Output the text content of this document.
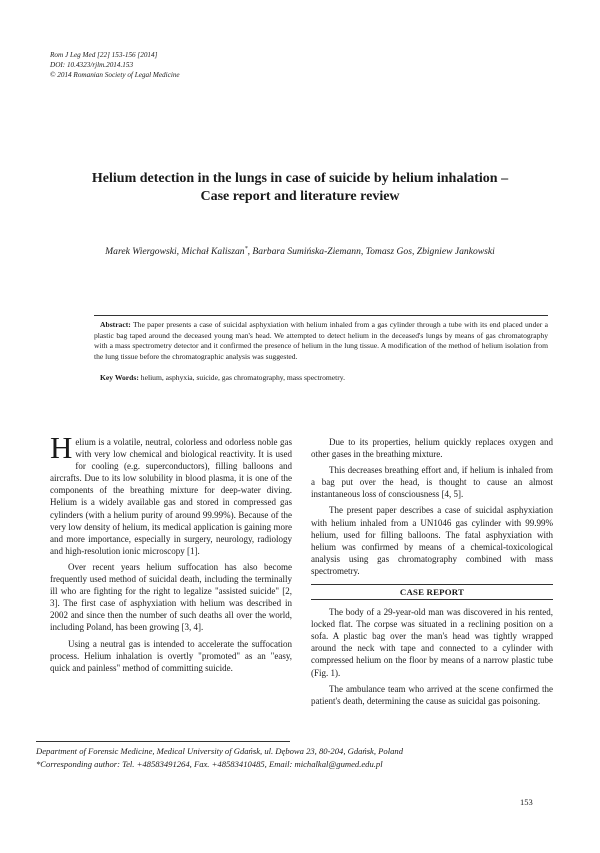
Rom J Leg Med [22] 153-156 [2014]
DOI: 10.4323/rjlm.2014.153
© 2014 Romanian Society of Legal Medicine
Helium detection in the lungs in case of suicide by helium inhalation –
Case report and literature review
Marek Wiergowski, Michał Kaliszan*, Barbara Sumińska-Ziemann, Tomasz Gos, Zbigniew Jankowski
Abstract: The paper presents a case of suicidal asphyxiation with helium inhaled from a gas cylinder through a tube with its end placed under a plastic bag taped around the deceased young man's head. We attempted to detect helium in the deceased's lungs by means of gas chromatography with a mass spectrometry detector and it confirmed the presence of helium in the lung tissue. A modification of the method of helium isolation from the lung tissue before the chromatographic analysis was suggested.
Key Words: helium, asphyxia, suicide, gas chromatography, mass spectrometry.

Helium is a volatile, neutral, colorless and odorless noble gas with very low chemical and biological reactivity. It is used for cooling (e.g. superconductors), filling balloons and aircrafts. Due to its low solubility in blood plasma, it is one of the components of the breathing mixture for deep-water diving. Helium is a widely available gas and stored in compressed gas cylinders (with a helium purity of around 99.99%). Because of the very low density of helium, its medical application is gaining more and more importance, especially in surgery, neurology, radiology and high-resolution ionic microscopy [1].

Over recent years helium suffocation has also become frequently used method of suicidal death, including the terminally ill who are fighting for the right to legalize "assisted suicide" [2, 3]. The first case of asphyxiation with helium was described in 2002 and since then the number of such deaths all over the world, including Poland, has been growing [3, 4].

Using a neutral gas is intended to accelerate the suffocation process. Helium inhalation is overtly "promoted" as an "easy, quick and painless" method of committing suicide.

Due to its properties, helium quickly replaces oxygen and other gases in the breathing mixture.

This decreases breathing effort and, if helium is inhaled from a bag put over the head, is thought to cause an almost instantaneous loss of consciousness [4, 5].

The present paper describes a case of suicidal asphyxiation with helium inhaled from a UN1046 gas cylinder with 99.99% helium, used for filling balloons. The fatal asphyxiation with helium was confirmed by means of a chemical-toxicological analysis using gas chromatography combined with mass spectrometry.

CASE REPORT

The body of a 29-year-old man was discovered in his rented, locked flat. The corpse was situated in a reclining position on a sofa. A plastic bag over the man's head was tightly wrapped around the neck with tape and connected to a cylinder with compressed helium on the floor by means of a narrow plastic tube (Fig. 1).

The ambulance team who arrived at the scene confirmed the patient's death, determining the cause as suicidal gas poisoning.

Department of Forensic Medicine, Medical University of Gdańsk, ul. Dębowa 23, 80-204, Gdańsk, Poland
*Corresponding author: Tel. +48583491264, Fax. +48583410485, Email: michalkal@gumed.edu.pl
153
